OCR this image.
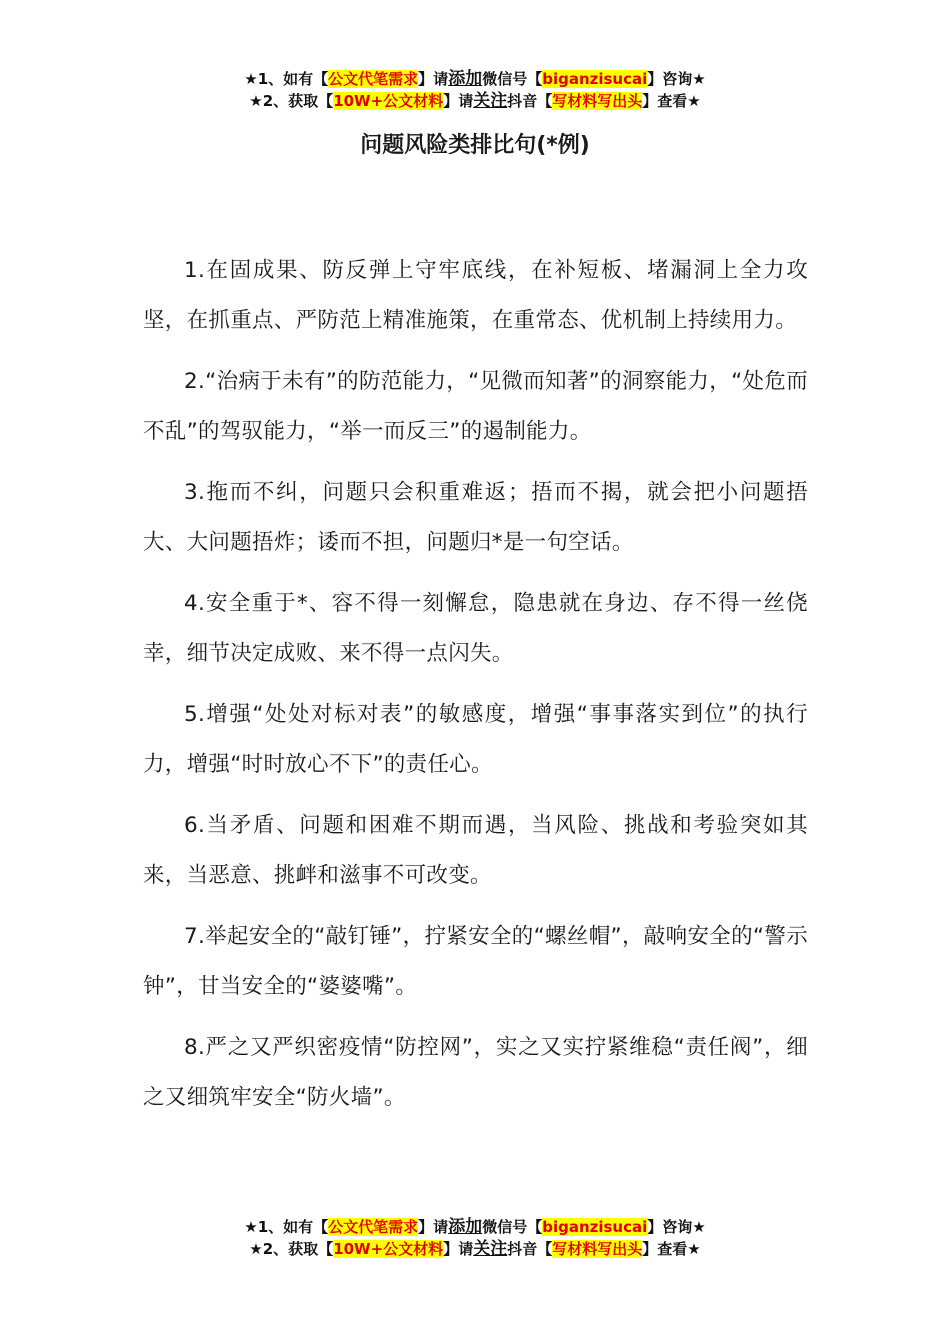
★1、如有【公文代笔需求】请添加微信号【biganzisucai】咨询★
★2、获取【10W+公文材料】请关注抖音【写材料写出头】查看★
问题风险类排比句(*例)

1.在固成果、防反弹上守牢底线，在补短板、堵漏洞上全力攻坚，在抓重点、严防范上精准施策，在重常态、优机制上持续用力。

2.“治病于未有”的防范能力，“见微而知著”的洞察能力，“处危而不乱”的驾驭能力，“举一而反三”的遏制能力。

3.拖而不纠，问题只会积重难返；捂而不揭，就会把小问题捂大、大问题捂炸；诿而不担，问题归*是一句空话。

4.安全重于*、容不得一刻懈怠，隐患就在身边、存不得一丝侥幸，细节决定成败、来不得一点闪失。

5.增强“处处对标对表”的敏感度，增强“事事落实到位”的执行力，增强“时时放心不下”的责任心。

6.当矛盾、问题和困难不期而遇，当风险、挑战和考验突如其来，当恶意、挑衅和滋事不可改变。

7.举起安全的“敲钉锤”，拧紧安全的“螺丝帽”，敲响安全的“警示钟”，甘当安全的“婆婆嘴”。

8.严之又严织密疫情“防控网”，实之又实拧紧维稳“责任阀”，细之又细筑牢安全“防火墙”。

★1、如有【公文代笔需求】请添加微信号【biganzisucai】咨询★
★2、获取【10W+公文材料】请关注抖音【写材料写出头】查看★
